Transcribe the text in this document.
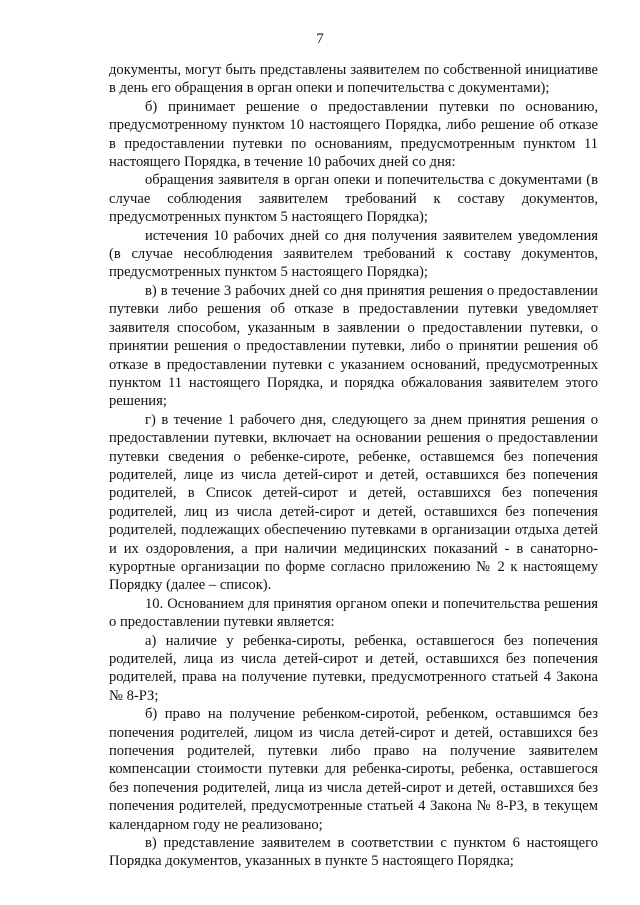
7

документы, могут быть представлены заявителем по собственной инициативе в день его обращения в орган опеки и попечительства с документами);

б) принимает решение о предоставлении путевки по основанию, предусмотренному пунктом 10 настоящего Порядка, либо решение об отказе в предоставлении путевки по основаниям, предусмотренным пунктом 11 настоящего Порядка, в течение 10 рабочих дней со дня:

обращения заявителя в орган опеки и попечительства с документами (в случае соблюдения заявителем требований к составу документов, предусмотренных пунктом 5 настоящего Порядка);

истечения 10 рабочих дней со дня получения заявителем уведомления (в случае несоблюдения заявителем требований к составу документов, предусмотренных пунктом 5 настоящего Порядка);

в) в течение 3 рабочих дней со дня принятия решения о предоставлении путевки либо решения об отказе в предоставлении путевки уведомляет заявителя способом, указанным в заявлении о предоставлении путевки, о принятии решения о предоставлении путевки, либо о принятии решения об отказе в предоставлении путевки с указанием оснований, предусмотренных пунктом 11 настоящего Порядка, и порядка обжалования заявителем этого решения;

г) в течение 1 рабочего дня, следующего за днем принятия решения о предоставлении путевки, включает на основании решения о предоставлении путевки сведения о ребенке-сироте, ребенке, оставшемся без попечения родителей, лице из числа детей-сирот и детей, оставшихся без попечения родителей, в Список детей-сирот и детей, оставшихся без попечения родителей, лиц из числа детей-сирот и детей, оставшихся без попечения родителей, подлежащих обеспечению путевками в организации отдыха детей и их оздоровления, а при наличии медицинских показаний - в санаторно-курортные организации по форме согласно приложению № 2 к настоящему Порядку (далее – список).

10. Основанием для принятия органом опеки и попечительства решения о предоставлении путевки является:

а) наличие у ребенка-сироты, ребенка, оставшегося без попечения родителей, лица из числа детей-сирот и детей, оставшихся без попечения родителей, права на получение путевки, предусмотренного статьей 4 Закона № 8-РЗ;

б) право на получение ребенком-сиротой, ребенком, оставшимся без попечения родителей, лицом из числа детей-сирот и детей, оставшихся без попечения родителей, путевки либо право на получение заявителем компенсации стоимости путевки для ребенка-сироты, ребенка, оставшегося без попечения родителей, лица из числа детей-сирот и детей, оставшихся без попечения родителей, предусмотренные статьей 4 Закона № 8-РЗ, в текущем календарном году не реализовано;

в) представление заявителем в соответствии с пунктом 6 настоящего Порядка документов, указанных в пункте 5 настоящего Порядка;
